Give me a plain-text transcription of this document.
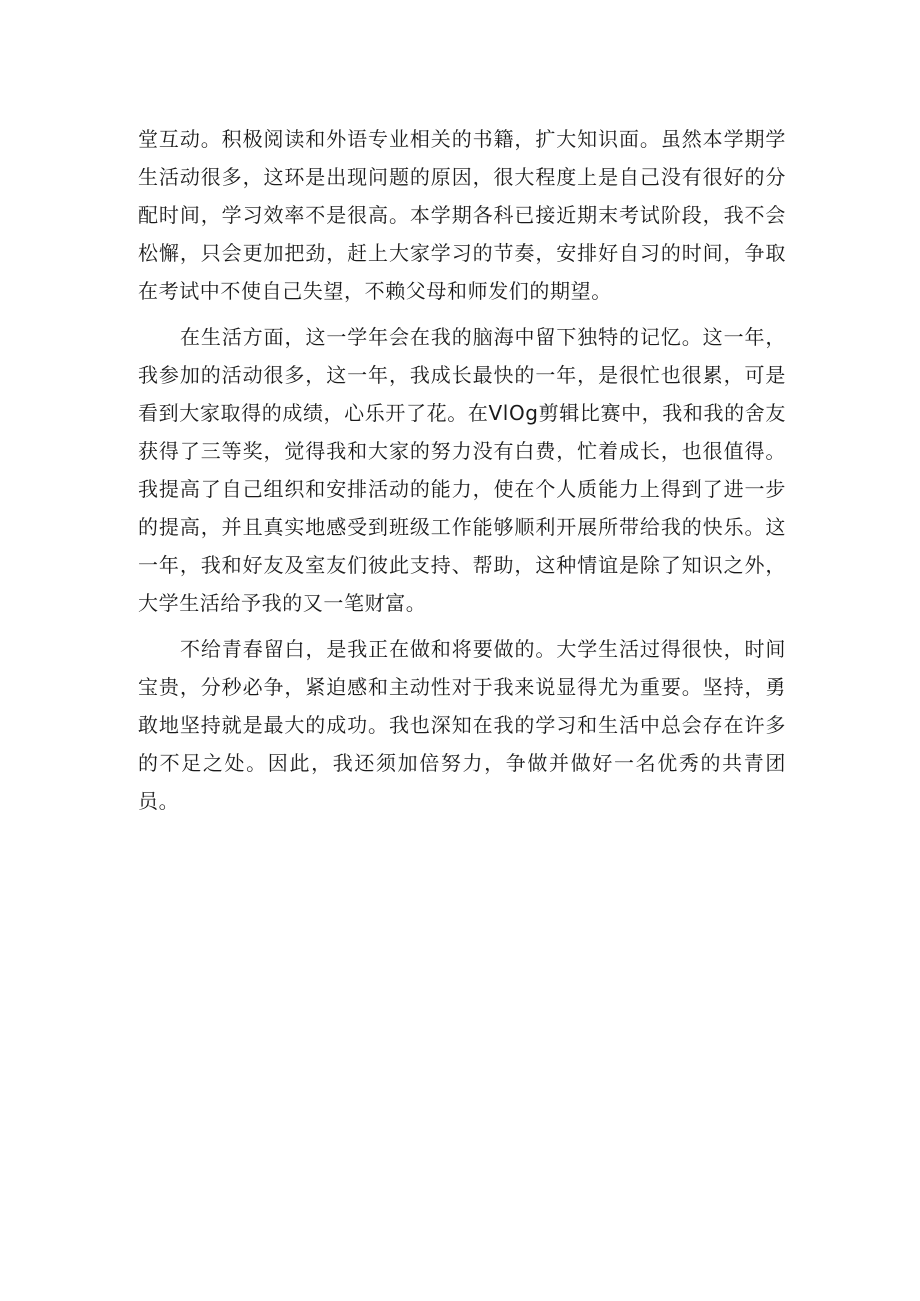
堂互动。积极阅读和外语专业相关的书籍，扩大知识面。虽然本学期学生活动很多，这环是出现问题的原因，很大程度上是自己没有很好的分配时间，学习效率不是很高。本学期各科已接近期末考试阶段，我不会松懈，只会更加把劲，赶上大家学习的节奏，安排好自习的时间，争取在考试中不使自己失望，不赖父母和师发们的期望。

在生活方面，这一学年会在我的脑海中留下独特的记忆。这一年，我参加的活动很多，这一年，我成长最快的一年，是很忙也很累，可是看到大家取得的成绩，心乐开了花。在VlOg剪辑比赛中，我和我的舍友获得了三等奖，觉得我和大家的努力没有白费，忙着成长，也很值得。我提高了自己组织和安排活动的能力，使在个人质能力上得到了进一步的提高，并且真实地感受到班级工作能够顺利开展所带给我的快乐。这一年，我和好友及室友们彼此支持、帮助，这种情谊是除了知识之外，大学生活给予我的又一笔财富。

不给青春留白，是我正在做和将要做的。大学生活过得很快，时间宝贵，分秒必争，紧迫感和主动性对于我来说显得尤为重要。坚持，勇敢地坚持就是最大的成功。我也深知在我的学习和生活中总会存在许多的不足之处。因此，我还须加倍努力，争做并做好一名优秀的共青团员。
